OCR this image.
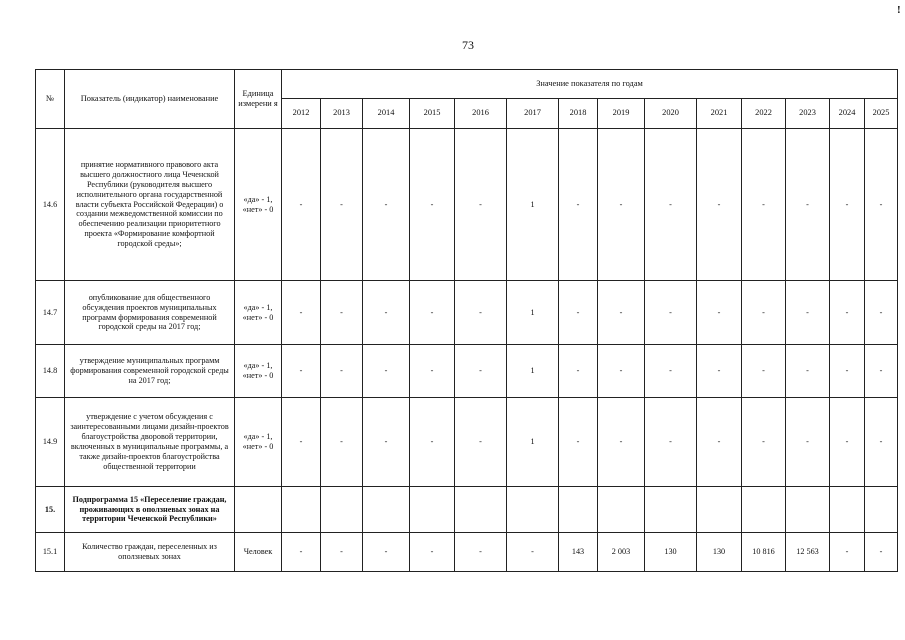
!
73
№	Показатель (индикатор) наименование	Единица измерени я	Значение показателя по годам													
			2012	2013	2014	2015	2016	2017	2018	2019	2020	2021	2022	2023	2024	2025
14.6	принятие нормативного правового акта высшего должностного лица Чеченской Республики (руководителя высшего исполнительного органа государственной власти субъекта Российской Федерации) о создании межведомственной комиссии по обеспечению реализации приоритетного проекта «Формирование комфортной городской среды»;	«да» - 1, «нет» - 0	-	-	-	-	-	1	-	-	-	-	-	-	-	-
14.7	опубликование для общественного обсуждения проектов муниципальных программ формирования современной городской среды на 2017 год;	«да» - 1, «нет» - 0	-	-	-	-	-	1	-	-	-	-	-	-	-	-
14.8	утверждение муниципальных программ формирования современной городской среды на 2017 год;	«да» - 1, «нет» - 0	-	-	-	-	-	1	-	-	-	-	-	-	-	-
14.9	утверждение с учетом обсуждения с заинтересованными лицами дизайн-проектов благоустройства дворовой территории, включенных в муниципальные программы, а также дизайн-проектов благоустройства общественной территории	«да» - 1, «нет» - 0	-	-	-	-	-	1	-	-	-	-	-	-	-	-
15.	Подпрограмма 15 «Переселение граждан, проживающих в оползневых зонах на территории Чеченской Республики»															
15.1	Количество граждан, переселенных из оползневых зонах	Человек	-	-	-	-	-	-	143	2 003	130	130	10 816	12 563	-	-
